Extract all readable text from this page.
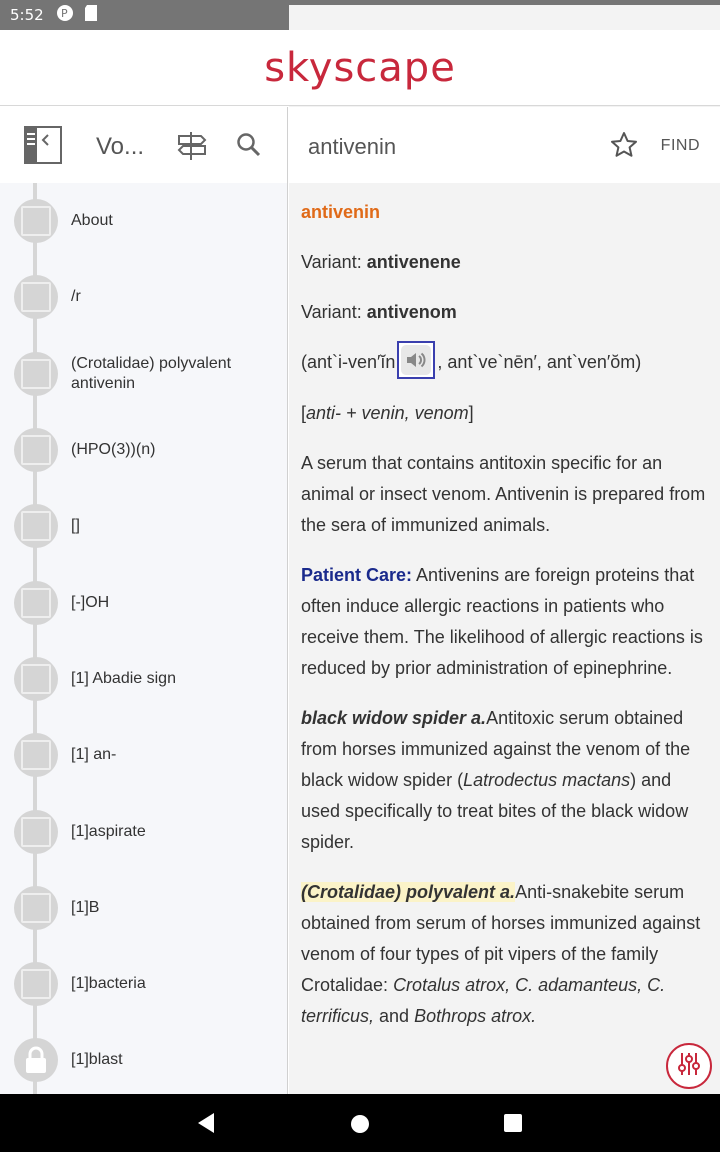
5:52 P
skyscape
Vo...
About
/r
(Crotalidae) polyvalent antivenin
(HPO(3))(n)
[]
[-]OH
[1] Abadie sign
[1] an-
[1]aspirate
[1]B
[1]bacteria
[1]blast
antivenin	FIND

antivenin

Variant: antivenene

Variant: antivenom

(ant`i-ven′ĭn , ant`ve`nēn′, ant`ven′ŏm)

[anti- + venin, venom]

A serum that contains antitoxin specific for an animal or insect venom. Antivenin is prepared from the sera of immunized animals.

Patient Care: Antivenins are foreign proteins that often induce allergic reactions in patients who receive them. The likelihood of allergic reactions is reduced by prior administration of epinephrine.

black widow spider a.Antitoxic serum obtained from horses immunized against the venom of the black widow spider (Latrodectus mactans) and used specifically to treat bites of the black widow spider.

(Crotalidae) polyvalent a.Anti-snakebite serum obtained from serum of horses immunized against venom of four types of pit vipers of the family Crotalidae: Crotalus atrox, C. adamanteus, C. terrificus, and Bothrops atrox.
